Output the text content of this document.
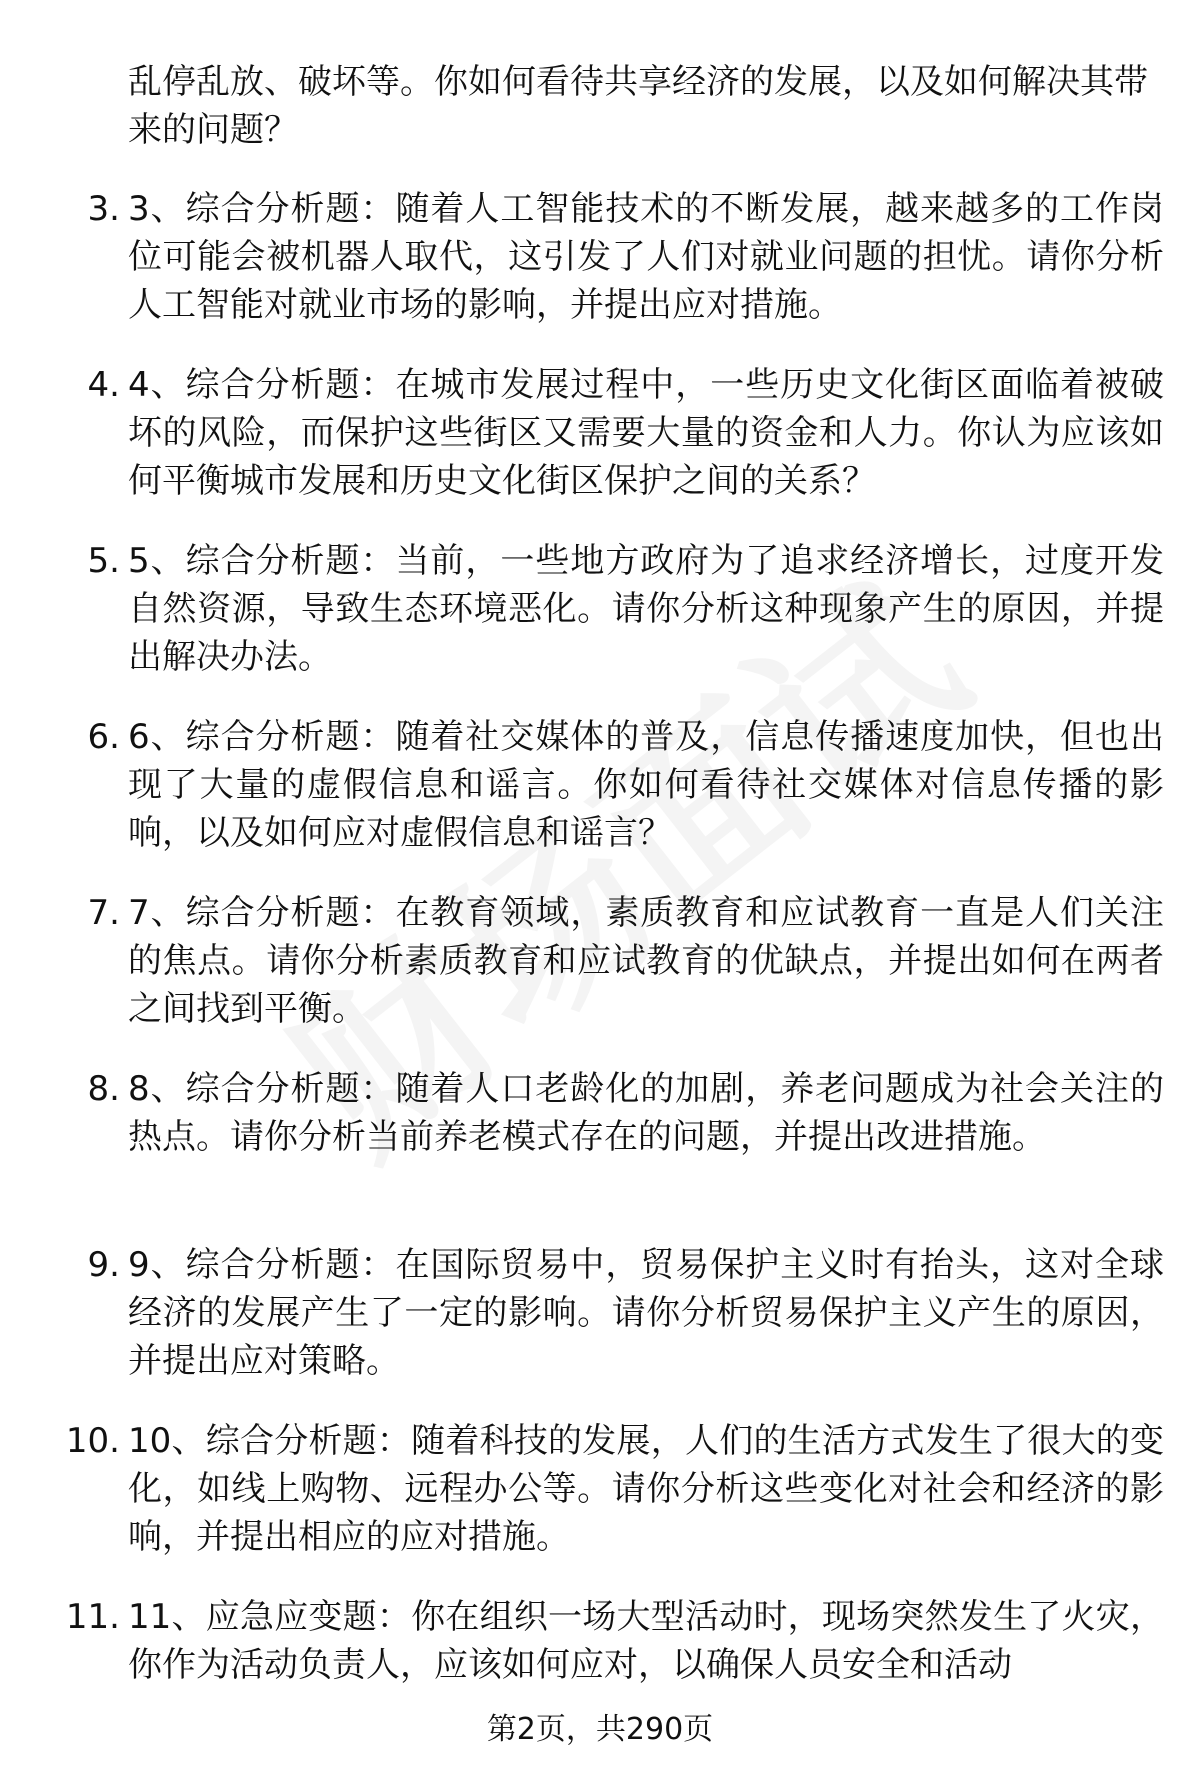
乱停乱放、破坏等。你如何看待共享经济的发展，以及如何解决其带来的问题？

3. 3、综合分析题：随着人工智能技术的不断发展，越来越多的工作岗位可能会被机器人取代，这引发了人们对就业问题的担忧。请你分析人工智能对就业市场的影响，并提出应对措施。

4. 4、综合分析题：在城市发展过程中，一些历史文化街区面临着被破坏的风险，而保护这些街区又需要大量的资金和人力。你认为应该如何平衡城市发展和历史文化街区保护之间的关系？

5. 5、综合分析题：当前，一些地方政府为了追求经济增长，过度开发自然资源，导致生态环境恶化。请你分析这种现象产生的原因，并提出解决办法。

6. 6、综合分析题：随着社交媒体的普及，信息传播速度加快，但也出现了大量的虚假信息和谣言。你如何看待社交媒体对信息传播的影响，以及如何应对虚假信息和谣言？

7. 7、综合分析题：在教育领域，素质教育和应试教育一直是人们关注的焦点。请你分析素质教育和应试教育的优缺点，并提出如何在两者之间找到平衡。

8. 8、综合分析题：随着人口老龄化的加剧，养老问题成为社会关注的热点。请你分析当前养老模式存在的问题，并提出改进措施。

9. 9、综合分析题：在国际贸易中，贸易保护主义时有抬头，这对全球经济的发展产生了一定的影响。请你分析贸易保护主义产生的原因，并提出应对策略。

10. 10、综合分析题：随着科技的发展，人们的生活方式发生了很大的变化，如线上购物、远程办公等。请你分析这些变化对社会和经济的影响，并提出相应的应对措施。

11. 11、应急应变题：你在组织一场大型活动时，现场突然发生了火灾，你作为活动负责人，应该如何应对，以确保人员安全和活动

第2页，共290页
